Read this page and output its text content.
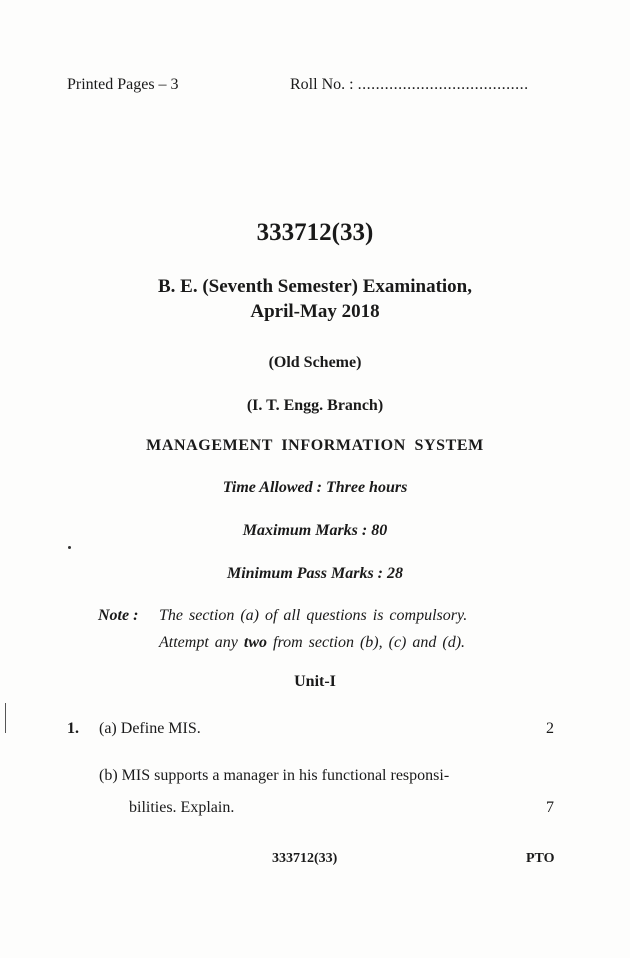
Printed Pages – 3	Roll No. : ......................................
333712(33)
B. E. (Seventh Semester) Examination,
April-May 2018
(Old Scheme)
(I. T. Engg. Branch)
MANAGEMENT INFORMATION SYSTEM
Time Allowed : Three hours
Maximum Marks : 80
Minimum Pass Marks : 28
Note : The section (a) of all questions is compulsory.
Attempt any two from section (b), (c) and (d).
Unit-I
1. (a) Define MIS.	2
(b) MIS supports a manager in his functional responsi-
bilities. Explain.	7
333712(33)	PTO
